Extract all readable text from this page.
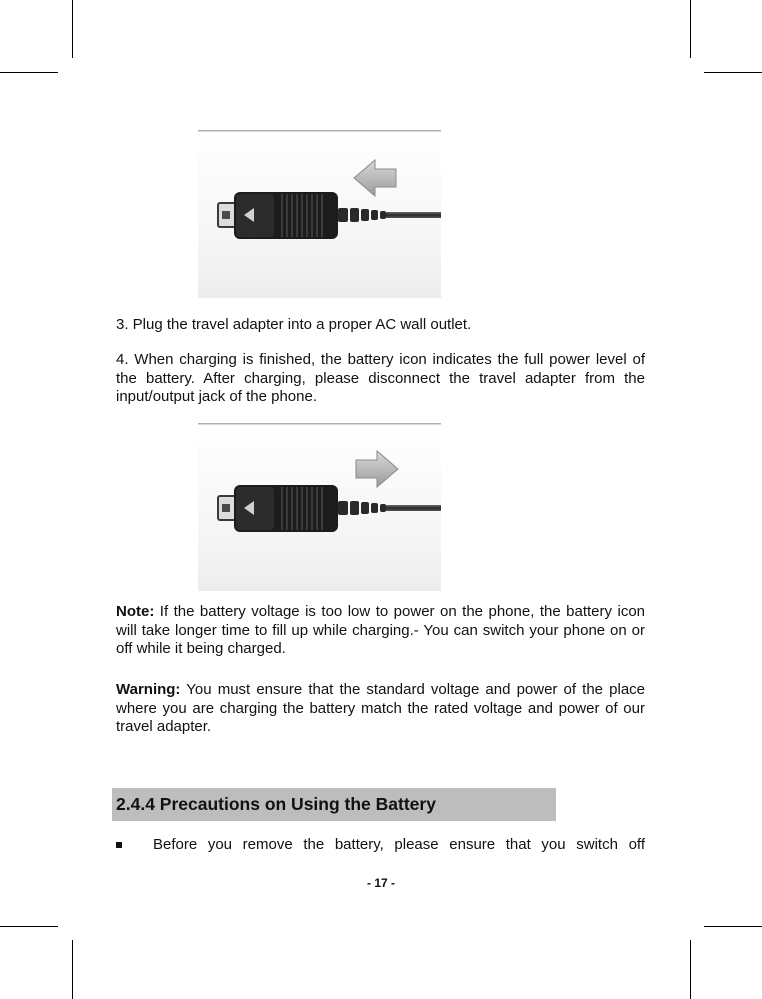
3. Plug the travel adapter into a proper AC wall outlet.

4. When charging is finished, the battery icon indicates the full power level of the battery. After charging, please disconnect the travel adapter from the input/output jack of the phone.

Note: If the battery voltage is too low to power on the phone, the battery icon will take longer time to fill up while charging.- You can switch your phone on or off while it being charged.

Warning: You must ensure that the standard voltage and power of the place where you are charging the battery match the rated voltage and power of our travel adapter.

2.4.4 Precautions on Using the Battery
Before you remove the battery, please ensure that you switch off
- 17 -
